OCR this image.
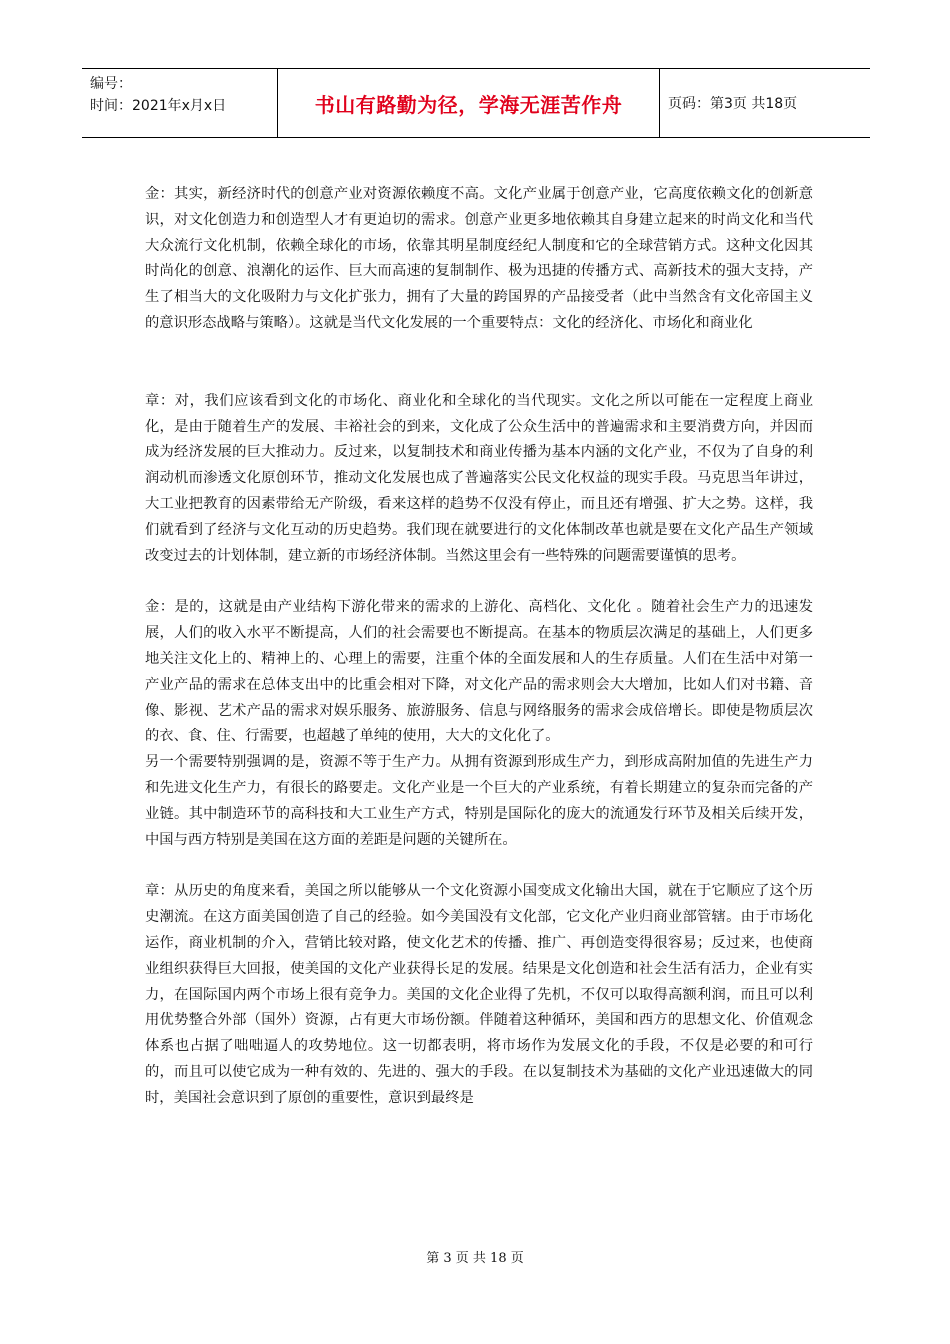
编号：
时间：2021年x月x日	书山有路勤为径，学海无涯苦作舟	页码：第3页 共18页

金：其实，新经济时代的创意产业对资源依赖度不高。文化产业属于创意产业，它高度依赖文化的创新意识，对文化创造力和创造型人才有更迫切的需求。创意产业更多地依赖其自身建立起来的时尚文化和当代大众流行文化机制，依赖全球化的市场，依靠其明星制度经纪人制度和它的全球营销方式。这种文化因其时尚化的创意、浪潮化的运作、巨大而高速的复制制作、极为迅捷的传播方式、高新技术的强大支持，产生了相当大的文化吸附力与文化扩张力，拥有了大量的跨国界的产品接受者（此中当然含有文化帝国主义的意识形态战略与策略）。这就是当代文化发展的一个重要特点：文化的经济化、市场化和商业化

章：对，我们应该看到文化的市场化、商业化和全球化的当代现实。文化之所以可能在一定程度上商业化，是由于随着生产的发展、丰裕社会的到来，文化成了公众生活中的普遍需求和主要消费方向，并因而成为经济发展的巨大推动力。反过来，以复制技术和商业传播为基本内涵的文化产业，不仅为了自身的利润动机而渗透文化原创环节，推动文化发展也成了普遍落实公民文化权益的现实手段。马克思当年讲过，大工业把教育的因素带给无产阶级，看来这样的趋势不仅没有停止，而且还有增强、扩大之势。这样，我们就看到了经济与文化互动的历史趋势。我们现在就要进行的文化体制改革也就是要在文化产品生产领域改变过去的计划体制，建立新的市场经济体制。当然这里会有一些特殊的问题需要谨慎的思考。

金：是的，这就是由产业结构下游化带来的需求的上游化、高档化、文化化 。随着社会生产力的迅速发展，人们的收入水平不断提高，人们的社会需要也不断提高。在基本的物质层次满足的基础上，人们更多地关注文化上的、精神上的、心理上的需要，注重个体的全面发展和人的生存质量。人们在生活中对第一产业产品的需求在总体支出中的比重会相对下降，对文化产品的需求则会大大增加，比如人们对书籍、音像、影视、艺术产品的需求对娱乐服务、旅游服务、信息与网络服务的需求会成倍增长。即使是物质层次的衣、食、住、行需要，也超越了单纯的使用，大大的文化化了。

另一个需要特别强调的是，资源不等于生产力。从拥有资源到形成生产力，到形成高附加值的先进生产力和先进文化生产力，有很长的路要走。文化产业是一个巨大的产业系统，有着长期建立的复杂而完备的产业链。其中制造环节的高科技和大工业生产方式，特别是国际化的庞大的流通发行环节及相关后续开发，中国与西方特别是美国在这方面的差距是问题的关键所在。

章：从历史的角度来看，美国之所以能够从一个文化资源小国变成文化输出大国，就在于它顺应了这个历史潮流。在这方面美国创造了自己的经验。如今美国没有文化部，它文化产业归商业部管辖。由于市场化运作，商业机制的介入，营销比较对路，使文化艺术的传播、推广、再创造变得很容易；反过来，也使商业组织获得巨大回报，使美国的文化产业获得长足的发展。结果是文化创造和社会生活有活力，企业有实力，在国际国内两个市场上很有竞争力。美国的文化企业得了先机，不仅可以取得高额利润，而且可以利用优势整合外部（国外）资源，占有更大市场份额。伴随着这种循环，美国和西方的思想文化、价值观念体系也占据了咄咄逼人的攻势地位。这一切都表明，将市场作为发展文化的手段，不仅是必要的和可行的，而且可以使它成为一种有效的、先进的、强大的手段。在以复制技术为基础的文化产业迅速做大的同时，美国社会意识到了原创的重要性，意识到最终是

第 3 页 共 18 页
